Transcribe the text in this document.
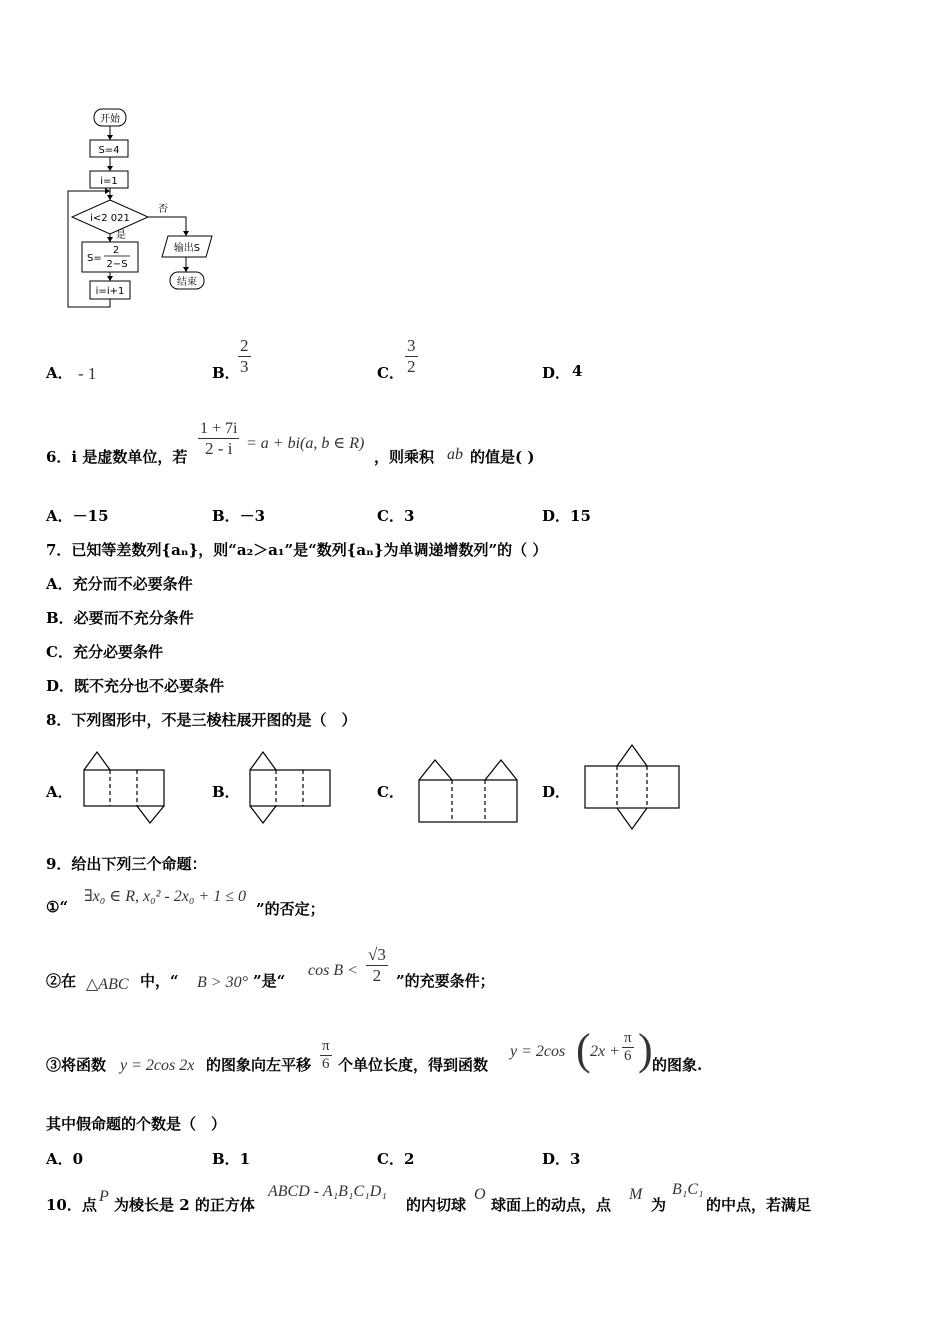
开始
S=4
i=1
i<2 021
否
是
S=
2
2−S
输出S
i=i+1
结束
A． - 1	B．
$\frac{2}{3}$	C． $\frac{3}{2}$	D． 4
6．i 是虚数单位，若 $\frac{1 + 7i}{2 - i} = a + bi(a$, b ∈ R)
，则乘积 ab 的值是( )
A．－15	B．－3	C．3	D．15
7．已知等差数列{aₙ}，则“a₂＞a₁”是“数列{aₙ}为单调递增数列”的（ ）
A．充分而不必要条件
B．必要而不充分条件
C．充分必要条件
D．既不充分也不必要条件
8．下列图形中，不是三棱柱展开图的是（　）
A．	B．	C．	D．
9．给出下列三个命题：
①“
∃x₀ ∈ R, x₀² - 2x₀ + 1 ≤ 0
”的否定；
②在 △ABC 中，“ B > 30° ”是“
$\cos B < \frac{√3}{2}$ ”的充要条件；
③将函数 y = 2cos 2x 的图象向左平移 $\frac{\pi}{6}$ 个单位长度，得到函数
y = 2cos ( $2x + \frac{\pi}{6}$ ) 的图象.
其中假命题的个数是（　）
A．0	B．1	C．2	D．3
10．点 P 为棱长是 2 的正方体
ABCD - A₁B₁C₁D₁
的内切球
O
球面上的动点，点
M
为
B₁C₁
的中点，若满足
